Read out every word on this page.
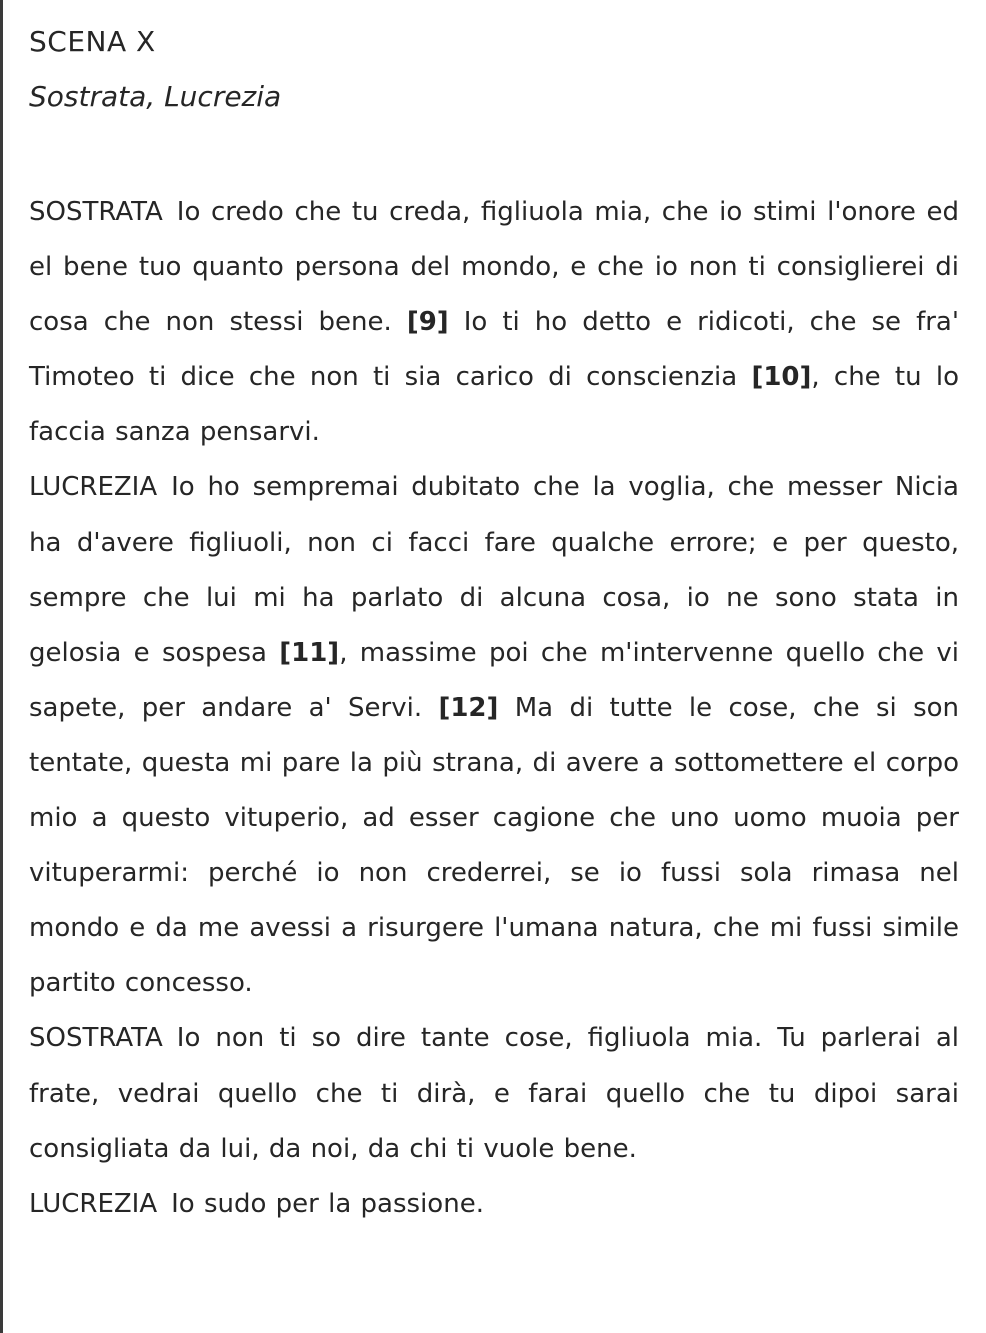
SCENA X
Sostrata, Lucrezia

SOSTRATA Io credo che tu creda, figliuola mia, che io stimi l'onore ed el bene tuo quanto persona del mondo, e che io non ti consiglierei di cosa che non stessi bene. [9] Io ti ho detto e ridicoti, che se fra' Timoteo ti dice che non ti sia carico di conscienzia [10], che tu lo faccia sanza pensarvi.

LUCREZIA Io ho sempremai dubitato che la voglia, che messer Nicia ha d'avere figliuoli, non ci facci fare qualche errore; e per questo, sempre che lui mi ha parlato di alcuna cosa, io ne sono stata in gelosia e sospesa [11], massime poi che m'intervenne quello che vi sapete, per andare a' Servi. [12] Ma di tutte le cose, che si son tentate, questa mi pare la più strana, di avere a sottomettere el corpo mio a questo vituperio, ad esser cagione che uno uomo muoia per vituperarmi: perché io non crederrei, se io fussi sola rimasa nel mondo e da me avessi a risurgere l'umana natura, che mi fussi simile partito concesso.

SOSTRATA Io non ti so dire tante cose, figliuola mia. Tu parlerai al frate, vedrai quello che ti dirà, e farai quello che tu dipoi sarai consigliata da lui, da noi, da chi ti vuole bene.

LUCREZIA Io sudo per la passione.
